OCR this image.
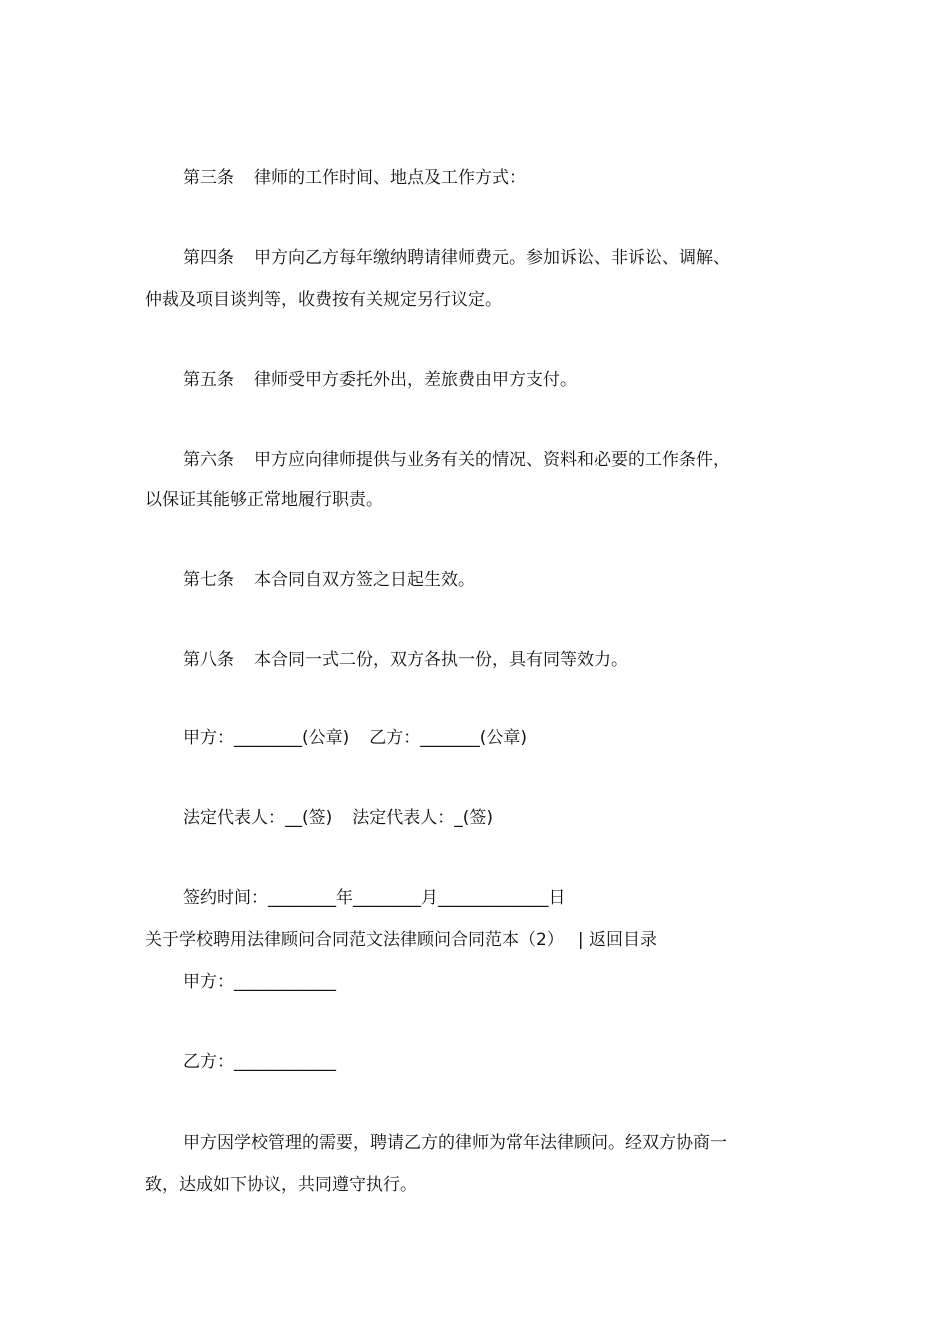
第三条 律师的工作时间、地点及工作方式：
第四条 甲方向乙方每年缴纳聘请律师费元。参加诉讼、非诉讼、调解、
仲裁及项目谈判等，收费按有关规定另行议定。
第五条 律师受甲方委托外出，差旅费由甲方支付。
第六条 甲方应向律师提供与业务有关的情况、资料和必要的工作条件，
以保证其能够正常地履行职责。
第七条 本合同自双方签之日起生效。
第八条 本合同一式二份，双方各执一份，具有同等效力。
甲方：________(公章) 乙方：_______(公章)
法定代表人：__(签) 法定代表人：_(签)
签约时间：________年________月_____________日
关于学校聘用法律顾问合同范文法律顾问合同范本（2） | 返回目录
甲方：____________
乙方：____________
甲方因学校管理的需要，聘请乙方的律师为常年法律顾问。经双方协商一
致，达成如下协议，共同遵守执行。
